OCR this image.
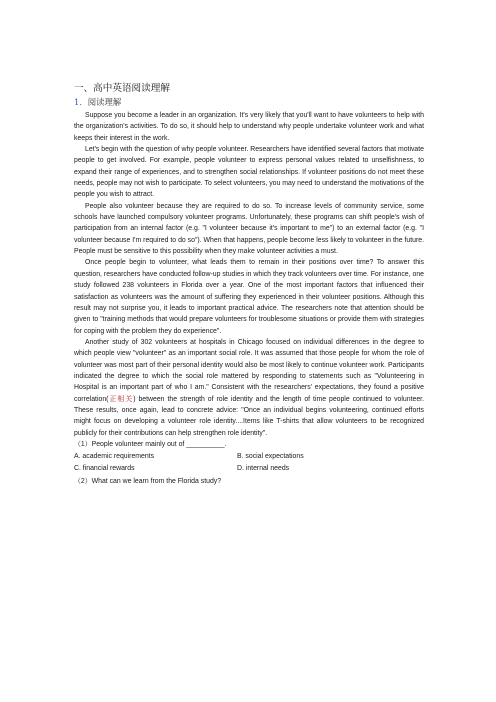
一、高中英语阅读理解
1．阅读理解

Suppose you become a leader in an organization. It's very likely that you'll want to have volunteers to help with the organization's activities. To do so, it should help to understand why people undertake volunteer work and what keeps their interest in the work.

Let's begin with the question of why people volunteer. Researchers have identified several factors that motivate people to get involved. For example, people volunteer to express personal values related to unselfishness, to expand their range of experiences, and to strengthen social relationships. If volunteer positions do not meet these needs, people may not wish to participate. To select volunteers, you may need to understand the motivations of the people you wish to attract.

People also volunteer because they are required to do so. To increase levels of community service, some schools have launched compulsory volunteer programs. Unfortunately, these programs can shift people's wish of participation from an internal factor (e.g. "I volunteer because it's important to me") to an external factor (e.g. "I volunteer because I'm required to do so"). When that happens, people become less likely to volunteer in the future. People must be sensitive to this possibility when they make volunteer activities a must.

Once people begin to volunteer, what leads them to remain in their positions over time? To answer this question, researchers have conducted follow-up studies in which they track volunteers over time. For instance, one study followed 238 volunteers in Florida over a year. One of the most important factors that influenced their satisfaction as volunteers was the amount of suffering they experienced in their volunteer positions. Although this result may not surprise you, it leads to important practical advice. The researchers note that attention should be given to "training methods that would prepare volunteers for troublesome situations or provide them with strategies for coping with the problem they do experience".

Another study of 302 volunteers at hospitals in Chicago focused on individual differences in the degree to which people view "volunteer" as an important social role. It was assumed that those people for whom the role of volunteer was most part of their personal identity would also be most likely to continue volunteer work. Participants indicated the degree to which the social role mattered by responding to statements such as "Volunteering in Hospital is an important part of who I am." Consistent with the researchers' expectations, they found a positive correlation(正相关) between the strength of role identity and the length of time people continued to volunteer. These results, once again, lead to concrete advice: "Once an individual begins volunteering, continued efforts might focus on developing a volunteer role identity....Items like T-shirts that allow volunteers to be recognized publicly for their contributions can help strengthen role identity".

（1）People volunteer mainly out of __________.

A. academic requirements	B. social expectations
C. financial rewards	D. internal needs

（2）What can we learn from the Florida study?
